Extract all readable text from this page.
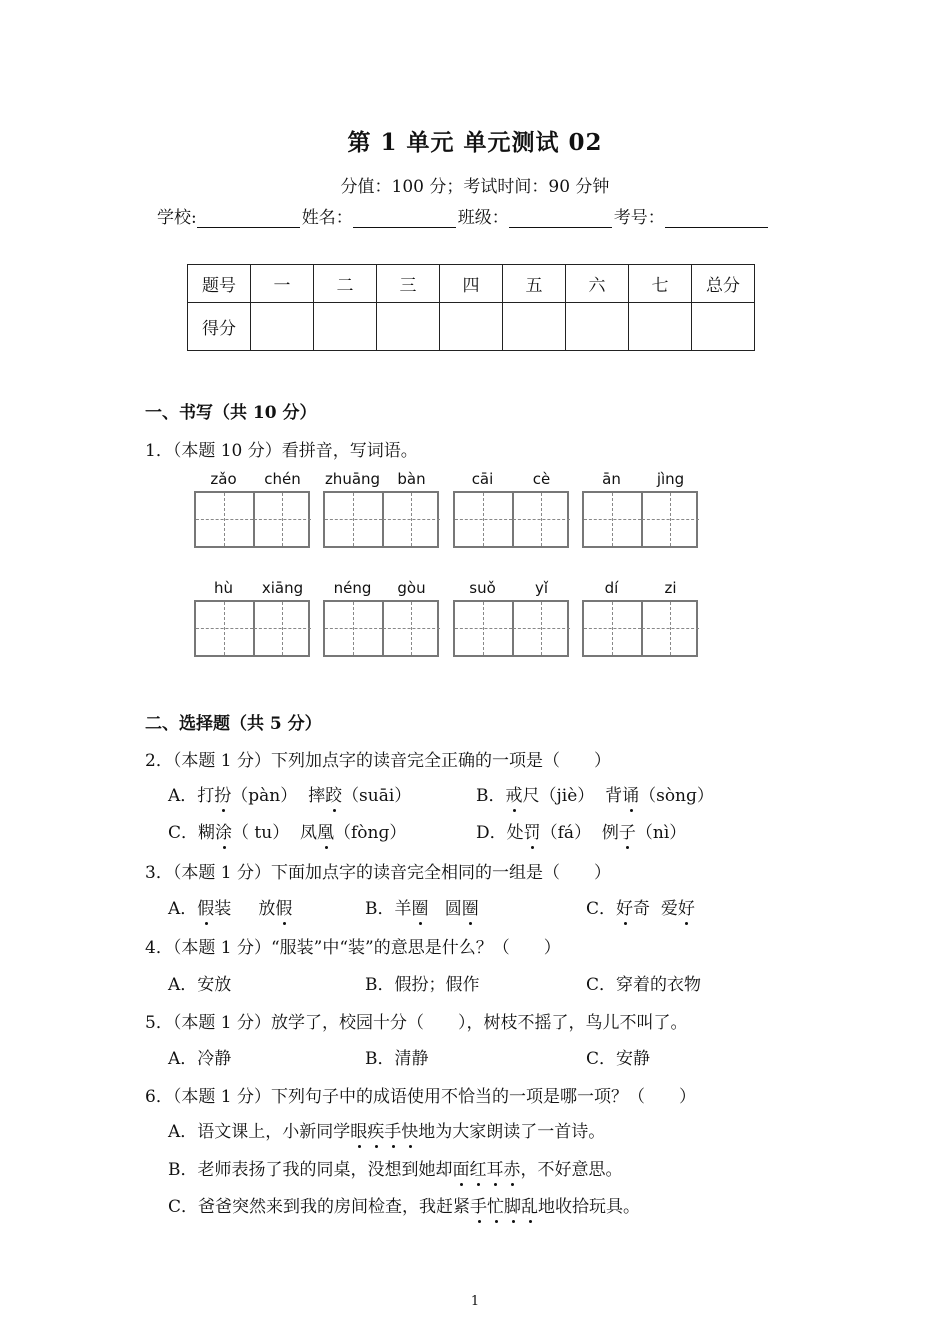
第 1 单元 单元测试 02
分值：100 分；考试时间：90 分钟
学校:	姓名：	班级：	考号：
题号	一	二	三	四	五	六	七	总分
得分								
一、书写（共 10 分）
1．（本题 10 分）看拼音，写词语。
zǎo	chén	zhuāng	bàn	cāi	cè	ān	jìng
hù	xiāng	néng	gòu	suǒ	yǐ	dí	zi
二、选择题（共 5 分）
2．（本题 1 分）下列加点字的读音完全正确的一项是（　　）
A．打扮（pàn） 摔跤（suāi）	B．戒尺（jiè） 背诵（sònɡ）
C．糊涂（ tu） 凤凰（fònɡ）	D．处罚（fá） 例子（nì）
3．（本题 1 分）下面加点字的读音完全相同的一组是（　　）
A．假装 放假	B．羊圈 圆圈	C．好奇 爱好
4．（本题 1 分）“服装”中“装”的意思是什么？（　　）
A．安放	B．假扮；假作	C．穿着的衣物
5．（本题 1 分）放学了，校园十分（　　），树枝不摇了，鸟儿不叫了。
A．冷静	B．清静	C．安静
6．（本题 1 分）下列句子中的成语使用不恰当的一项是哪一项？（　　）
A．语文课上，小新同学眼疾手快地为大家朗读了一首诗。
B．老师表扬了我的同桌，没想到她却面红耳赤，不好意思。
C．爸爸突然来到我的房间检查，我赶紧手忙脚乱地收拾玩具。
1
